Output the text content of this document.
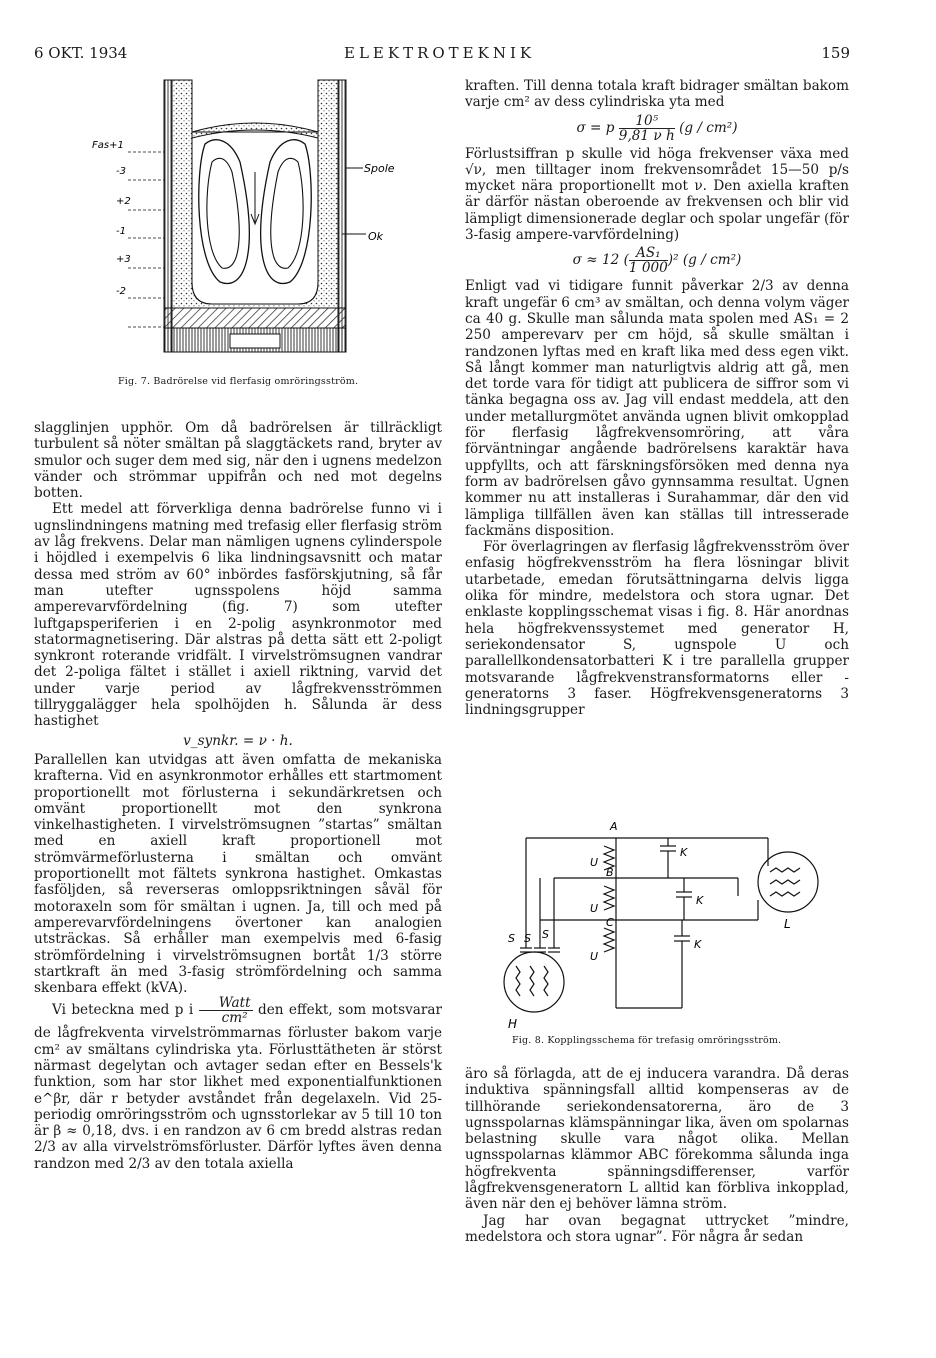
6 OKT. 1934	ELEKTROTEKNIK	159
Fas+1
-3
+2
-1
+3
-2
Spole
Ok
Fig. 7. Badrörelse vid flerfasig omröringsström.

slagglinjen upphör. Om då badrörelsen är tillräckligt turbulent så nöter smältan på slaggtäckets rand, bryter av smulor och suger dem med sig, när den i ugnens medelzon vänder och strömmar uppifrån och ned mot degelns botten.

Ett medel att förverkliga denna badrörelse funno vi i ugnslindningens matning med trefasig eller flerfasig ström av låg frekvens. Delar man nämligen ugnens cylinderspole i höjdled i exempelvis 6 lika lindningsavsnitt och matar dessa med ström av 60° inbördes fasförskjutning, så får man utefter ugnsspolens höjd samma amperevarvfördelning (fig. 7) som utefter luftgapsperiferien i en 2-polig asynkronmotor med statormagnetisering. Där alstras på detta sätt ett 2-poligt synkront roterande vridfält. I virvelströmsugnen vandrar det 2-poliga fältet i stället i axiell riktning, varvid det under varje period av lågfrekvensströmmen tillryggalägger hela spolhöjden h. Sålunda är dess hastighet

v_synkr. = ν · h.

Parallellen kan utvidgas att även omfatta de mekaniska krafterna. Vid en asynkronmotor erhålles ett startmoment proportionellt mot förlusterna i sekundärkretsen och omvänt proportionellt mot den synkrona vinkelhastigheten. I virvelströmsugnen ”startas” smältan med en axiell kraft proportionell mot strömvärmeförlusterna i smältan och omvänt proportionellt mot fältets synkrona hastighet. Omkastas fasföljden, så reverseras omloppsriktningen såväl för motoraxeln som för smältan i ugnen. Ja, till och med på amperevarvfördelningens övertoner kan analogien utsträckas. Så erhåller man exempelvis med 6-fasig strömfördelning i virvelströmsugnen bortåt 1/3 större startkraft än med 3-fasig strömfördelning och samma skenbara effekt (kVA).

Vi beteckna med p i $\frac{\text{Watt}}{\text{cm²}}$ den effekt, som motsvarar de lågfrekventa virvelströmmarnas förluster bakom varje cm² av smältans cylindriska yta. Förlusttätheten är störst närmast degelytan och avtager sedan efter en Bessels'k funktion, som har stor likhet med exponentialfunktionen e^βr, där r betyder avståndet från degelaxeln. Vid 25-periodig omröringsström och ugnsstorlekar av 5 till 10 ton är β ≈ 0,18, dvs. i en randzon av 6 cm bredd alstras redan 2/3 av alla virvelströmsförluster. Därför lyftes även denna randzon med 2/3 av den totala axiella

kraften. Till denna totala kraft bidrager smältan bakom varje cm² av dess cylindriska yta med

σ = p $\frac{\text{10⁵}}{\text{9,81 ν h}} (g / cm^2)$

Förlustsiffran p skulle vid höga frekvenser växa med √ν, men tilltager inom frekvensområdet 15—50 p/s mycket nära proportionellt mot ν. Den axiella kraften är därför nästan oberoende av frekvensen och blir vid lämpligt dimensionerade deglar och spolar ungefär (för 3-fasig ampere-varvfördelning)

σ ≈ 12 ( $\frac{\text{AS₁}}{1 000} )^2$ (g / cm²)

Enligt vad vi tidigare funnit påverkar 2/3 av denna kraft ungefär 6 cm³ av smältan, och denna volym väger ca 40 g. Skulle man sålunda mata spolen med AS₁ = 2 250 amperevarv per cm höjd, så skulle smältan i randzonen lyftas med en kraft lika med dess egen vikt. Så långt kommer man naturligtvis aldrig att gå, men det torde vara för tidigt att publicera de siffror som vi tänka begagna oss av. Jag vill endast meddela, att den under metallurgmötet använda ugnen blivit omkopplad för flerfasig lågfrekvensomröring, att våra förväntningar angående badrörelsens karaktär hava uppfyllts, och att färskningsförsöken med denna nya form av badrörelsen gåvo gynnsamma resultat. Ugnen kommer nu att installeras i Surahammar, där den vid lämpliga tillfällen även kan ställas till intresserade fackmäns disposition.

För överlagringen av flerfasig lågfrekvensström över enfasig högfrekvensström ha flera lösningar blivit utarbetade, emedan förutsättningarna delvis ligga olika för mindre, medelstora och stora ugnar. Det enklaste kopplingsschemat visas i fig. 8. Här anordnas hela högfrekvenssystemet med generator H, seriekondensator S, ugnspole U och parallellkondensatorbatteri K i tre parallella grupper motsvarande lågfrekvenstransformatorns eller -generatorns 3 faser. Högfrekvensgeneratorns 3 lindningsgrupper

A
B
C
U
U
U
K
K
K
S S S
H
L
Fig. 8. Kopplingsschema för trefasig omröringsström.

äro så förlagda, att de ej inducera varandra. Då deras induktiva spänningsfall alltid kompenseras av de tillhörande seriekondensatorerna, äro de 3 ugnsspolarnas klämspänningar lika, även om spolarnas belastning skulle vara något olika. Mellan ugnsspolarnas klämmor ABC förekomma sålunda inga högfrekventa spänningsdifferenser, varför lågfrekvensgeneratorn L alltid kan förbliva inkopplad, även när den ej behöver lämna ström.

Jag har ovan begagnat uttrycket ”mindre, medelstora och stora ugnar”. För några år sedan
